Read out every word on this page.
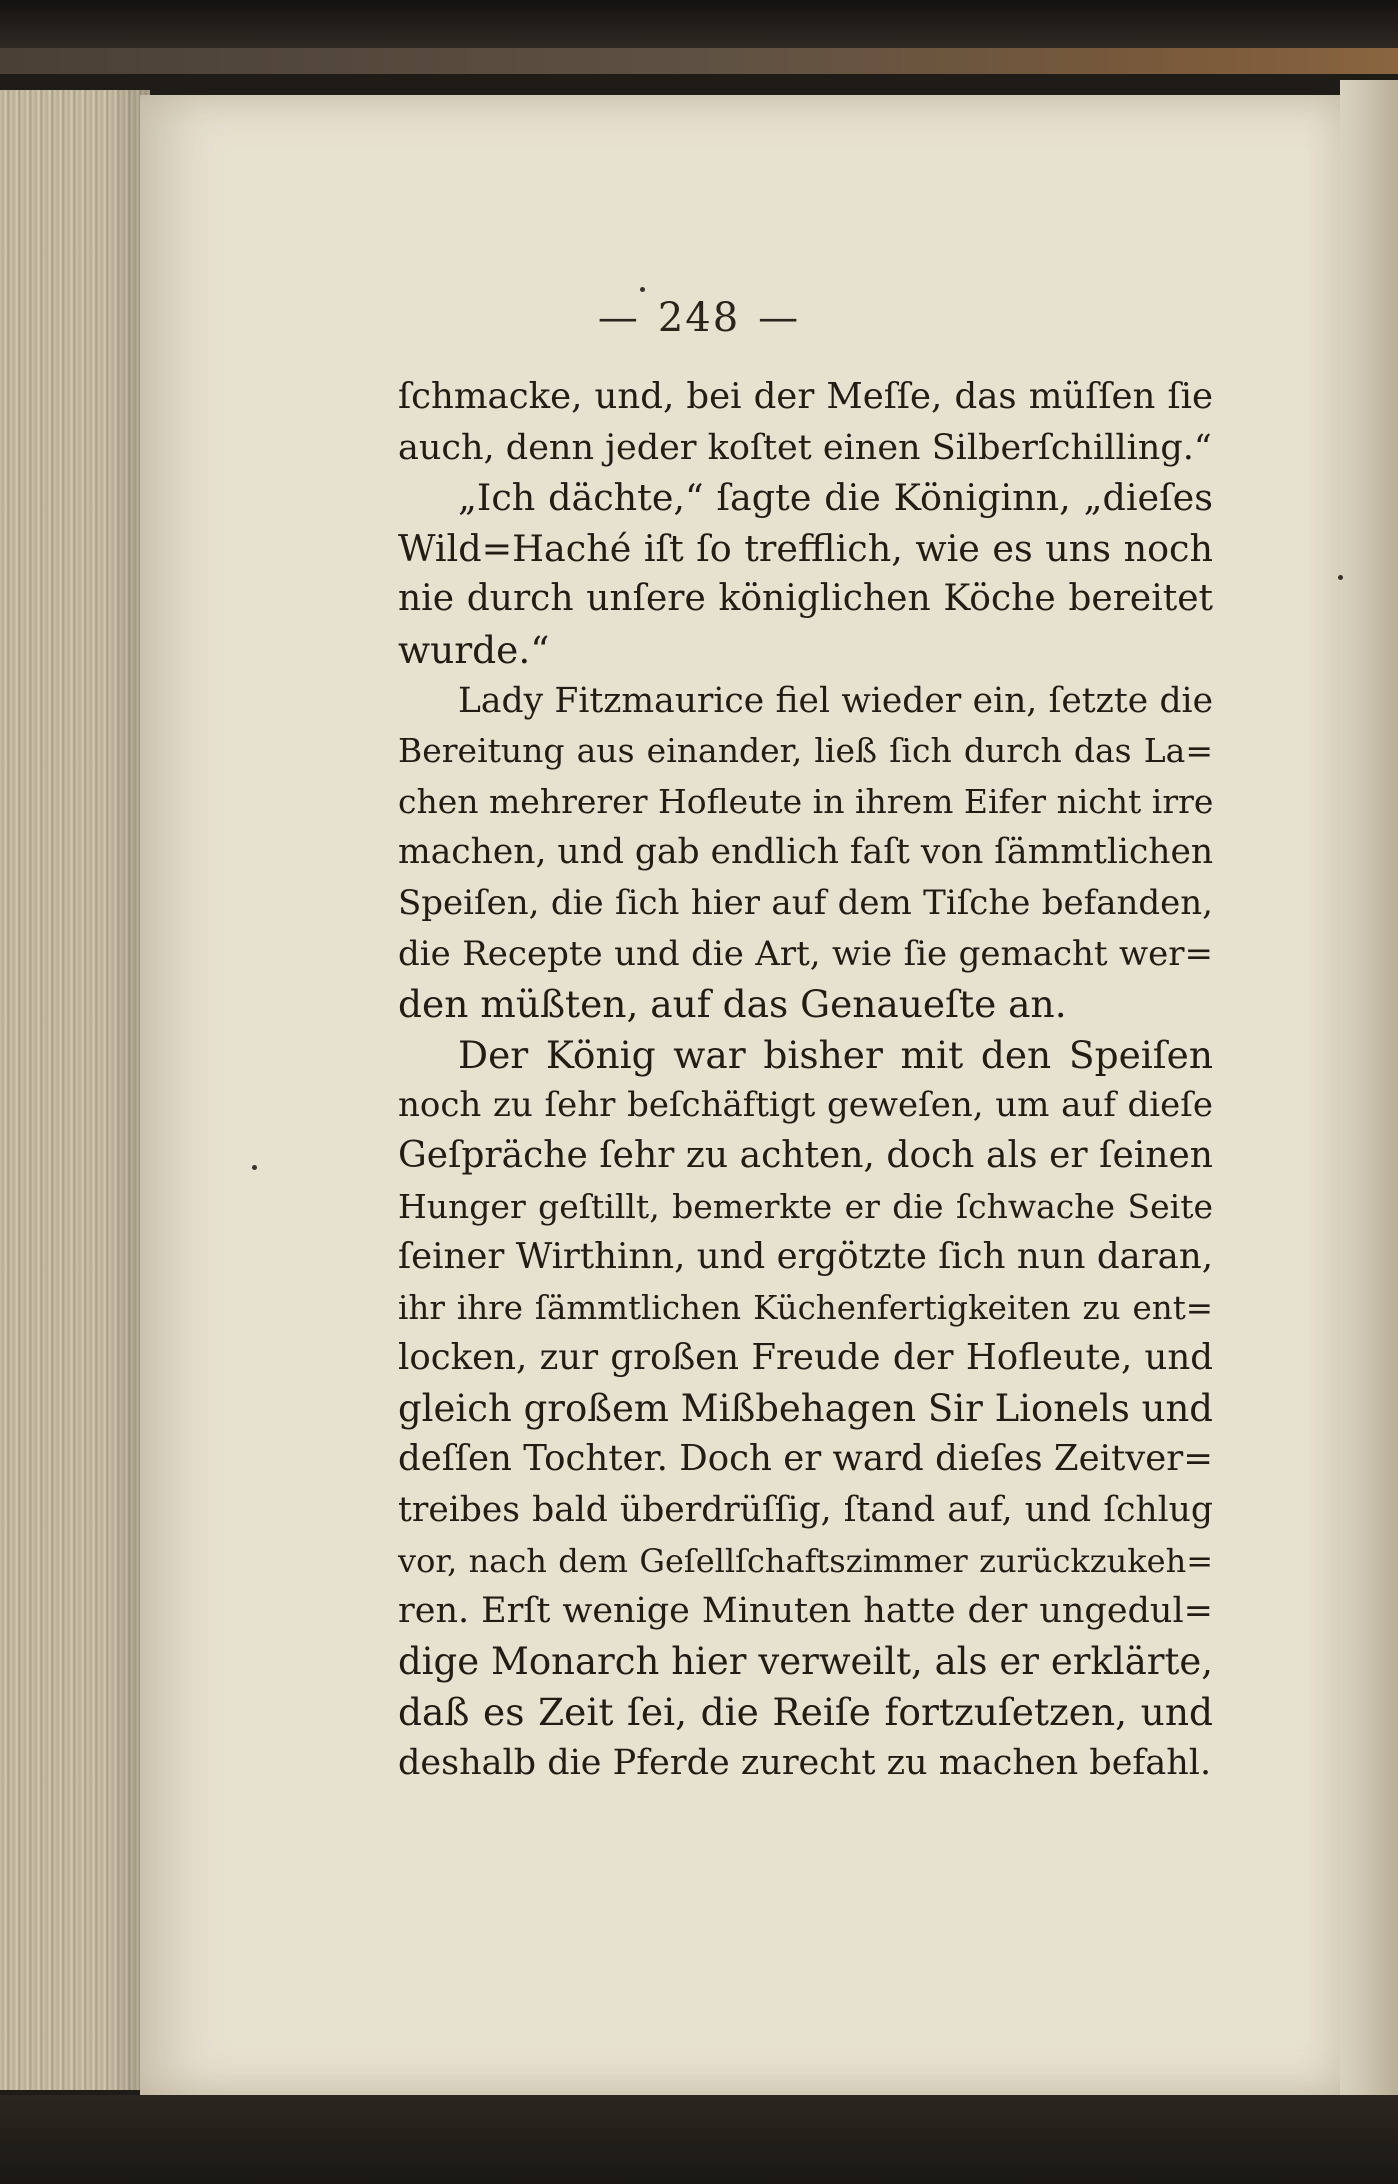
— 248 —
ſchmacke, und, bei der Meſſe, das müſſen ſie
auch, denn jeder koſtet einen Silberſchilling.“
„Ich dächte,“ ſagte die Königinn, „dieſes
Wild=Haché iſt ſo trefflich, wie es uns noch
nie durch unſere königlichen Köche bereitet
wurde.“
Lady Fitzmaurice fiel wieder ein, ſetzte die
Bereitung aus einander, ließ ſich durch das La=
chen mehrerer Hofleute in ihrem Eifer nicht irre
machen, und gab endlich faſt von ſämmtlichen
Speiſen, die ſich hier auf dem Tiſche befanden,
die Recepte und die Art, wie ſie gemacht wer=
den müßten, auf das Genaueſte an.
Der König war bisher mit den Speiſen
noch zu ſehr beſchäftigt geweſen, um auf dieſe
Geſpräche ſehr zu achten, doch als er ſeinen
Hunger geſtillt, bemerkte er die ſchwache Seite
ſeiner Wirthinn, und ergötzte ſich nun daran,
ihr ihre ſämmtlichen Küchenfertigkeiten zu ent=
locken, zur großen Freude der Hofleute, und
gleich großem Mißbehagen Sir Lionels und
deſſen Tochter. Doch er ward dieſes Zeitver=
treibes bald überdrüſſig, ſtand auf, und ſchlug
vor, nach dem Geſellſchaftszimmer zurückzukeh=
ren. Erſt wenige Minuten hatte der ungedul=
dige Monarch hier verweilt, als er erklärte,
daß es Zeit ſei, die Reiſe fortzuſetzen, und
deshalb die Pferde zurecht zu machen befahl.
